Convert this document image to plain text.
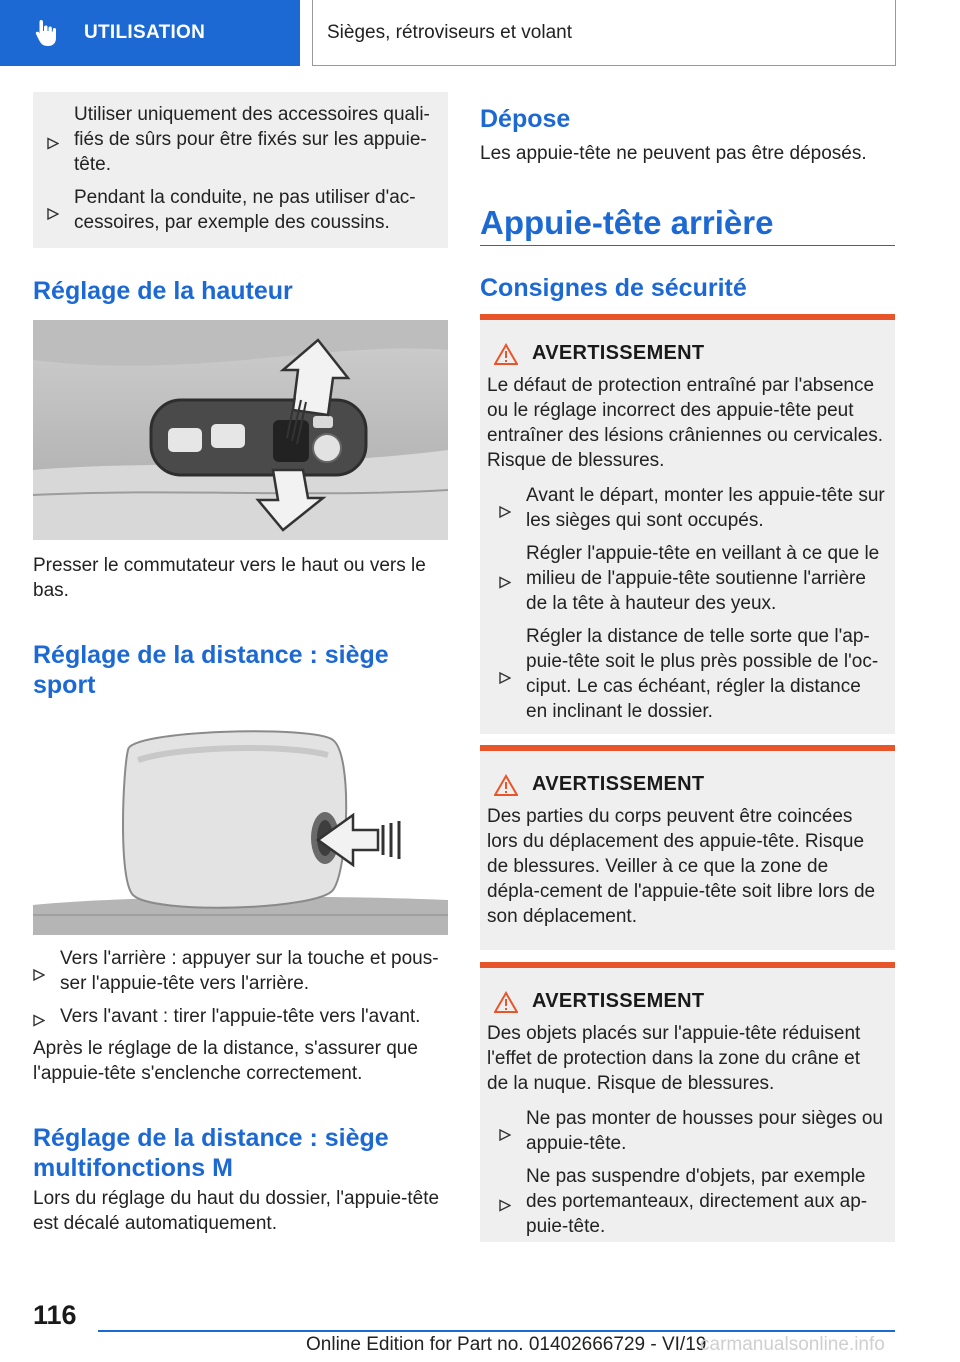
UTILISATION	Sièges, rétroviseurs et volant
Utiliser uniquement des accessoires quali‐fiés de sûrs pour être fixés sur les appuie-tête.
Pendant la conduite, ne pas utiliser d'ac‐cessoires, par exemple des coussins.
Réglage de la hauteur
Presser le commutateur vers le haut ou vers le bas.
Réglage de la distance : siège sport
Vers l'arrière : appuyer sur la touche et pous‐ser l'appuie-tête vers l'arrière.
Vers l'avant : tirer l'appuie-tête vers l'avant.
Après le réglage de la distance, s'assurer que l'appuie-tête s'enclenche correctement.
Réglage de la distance : siège multifonctions M
Lors du réglage du haut du dossier, l'appuie-tête est décalé automatiquement.
Dépose
Les appuie-tête ne peuvent pas être déposés.
Appuie-tête arrière
Consignes de sécurité
AVERTISSEMENT
Le défaut de protection entraîné par l'absence ou le réglage incorrect des appuie-tête peut entraîner des lésions crâniennes ou cervicales. Risque de blessures.
Avant le départ, monter les appuie-tête sur les sièges qui sont occupés.
Régler l'appuie-tête en veillant à ce que le milieu de l'appuie-tête soutienne l'arrière de la tête à hauteur des yeux.
Régler la distance de telle sorte que l'ap‐puie-tête soit le plus près possible de l'oc‐ciput. Le cas échéant, régler la distance en inclinant le dossier.
AVERTISSEMENT
Des parties du corps peuvent être coincées lors du déplacement des appuie-tête. Risque de blessures. Veiller à ce que la zone de dépla‐cement de l'appuie-tête soit libre lors de son déplacement.
AVERTISSEMENT
Des objets placés sur l'appuie-tête réduisent l'effet de protection dans la zone du crâne et de la nuque. Risque de blessures.
Ne pas monter de housses pour sièges ou appuie-tête.
Ne pas suspendre d'objets, par exemple des portemanteaux, directement aux ap‐puie-tête.
116
Online Edition for Part no. 01402666729 - VI/19
carmanualsonline.info
